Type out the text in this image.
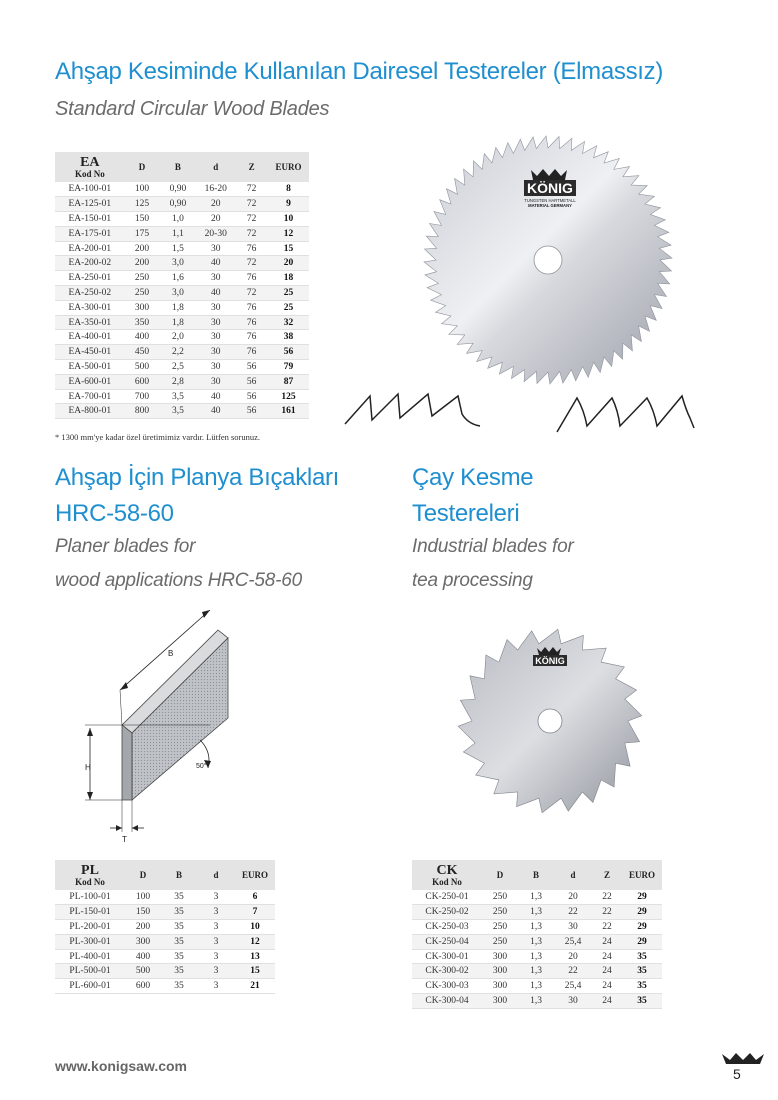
Ahşap Kesiminde Kullanılan Dairesel Testereler (Elmassız)
Standard Circular Wood Blades
EA
Kod No	D	B	d	Z	EURO
EA-100-01	100	0,90	16-20	72	8
EA-125-01	125	0,90	20	72	9
EA-150-01	150	1,0	20	72	10
EA-175-01	175	1,1	20-30	72	12
EA-200-01	200	1,5	30	76	15
EA-200-02	200	3,0	40	72	20
EA-250-01	250	1,6	30	76	18
EA-250-02	250	3,0	40	72	25
EA-300-01	300	1,8	30	76	25
EA-350-01	350	1,8	30	76	32
EA-400-01	400	2,0	30	76	38
EA-450-01	450	2,2	30	76	56
EA-500-01	500	2,5	30	56	79
EA-600-01	600	2,8	30	56	87
EA-700-01	700	3,5	40	56	125
EA-800-01	800	3,5	40	56	161
* 1300 mm'ye kadar özel üretimimiz vardır. Lütfen sorunuz.
KÖNIG
TUNGSTEN HARTMETALL
MATERIAL GERMANY
Ahşap İçin Planya Bıçakları
HRC-58-60
Planer blades for
wood applications HRC-58-60
B
H	50°
T
PL
Kod No	D	B	d	EURO
PL-100-01	100	35	3	6
PL-150-01	150	35	3	7
PL-200-01	200	35	3	10
PL-300-01	300	35	3	12
PL-400-01	400	35	3	13
PL-500-01	500	35	3	15
PL-600-01	600	35	3	21
Çay Kesme
Testereleri
Industrial blades for
tea processing
KÖNIG
CK
Kod No	D	B	d	Z	EURO
CK-250-01	250	1,3	20	22	29
CK-250-02	250	1,3	22	22	29
CK-250-03	250	1,3	30	22	29
CK-250-04	250	1,3	25,4	24	29
CK-300-01	300	1,3	20	24	35
CK-300-02	300	1,3	22	24	35
CK-300-03	300	1,3	25,4	24	35
CK-300-04	300	1,3	30	24	35
www.konigsaw.com	5
